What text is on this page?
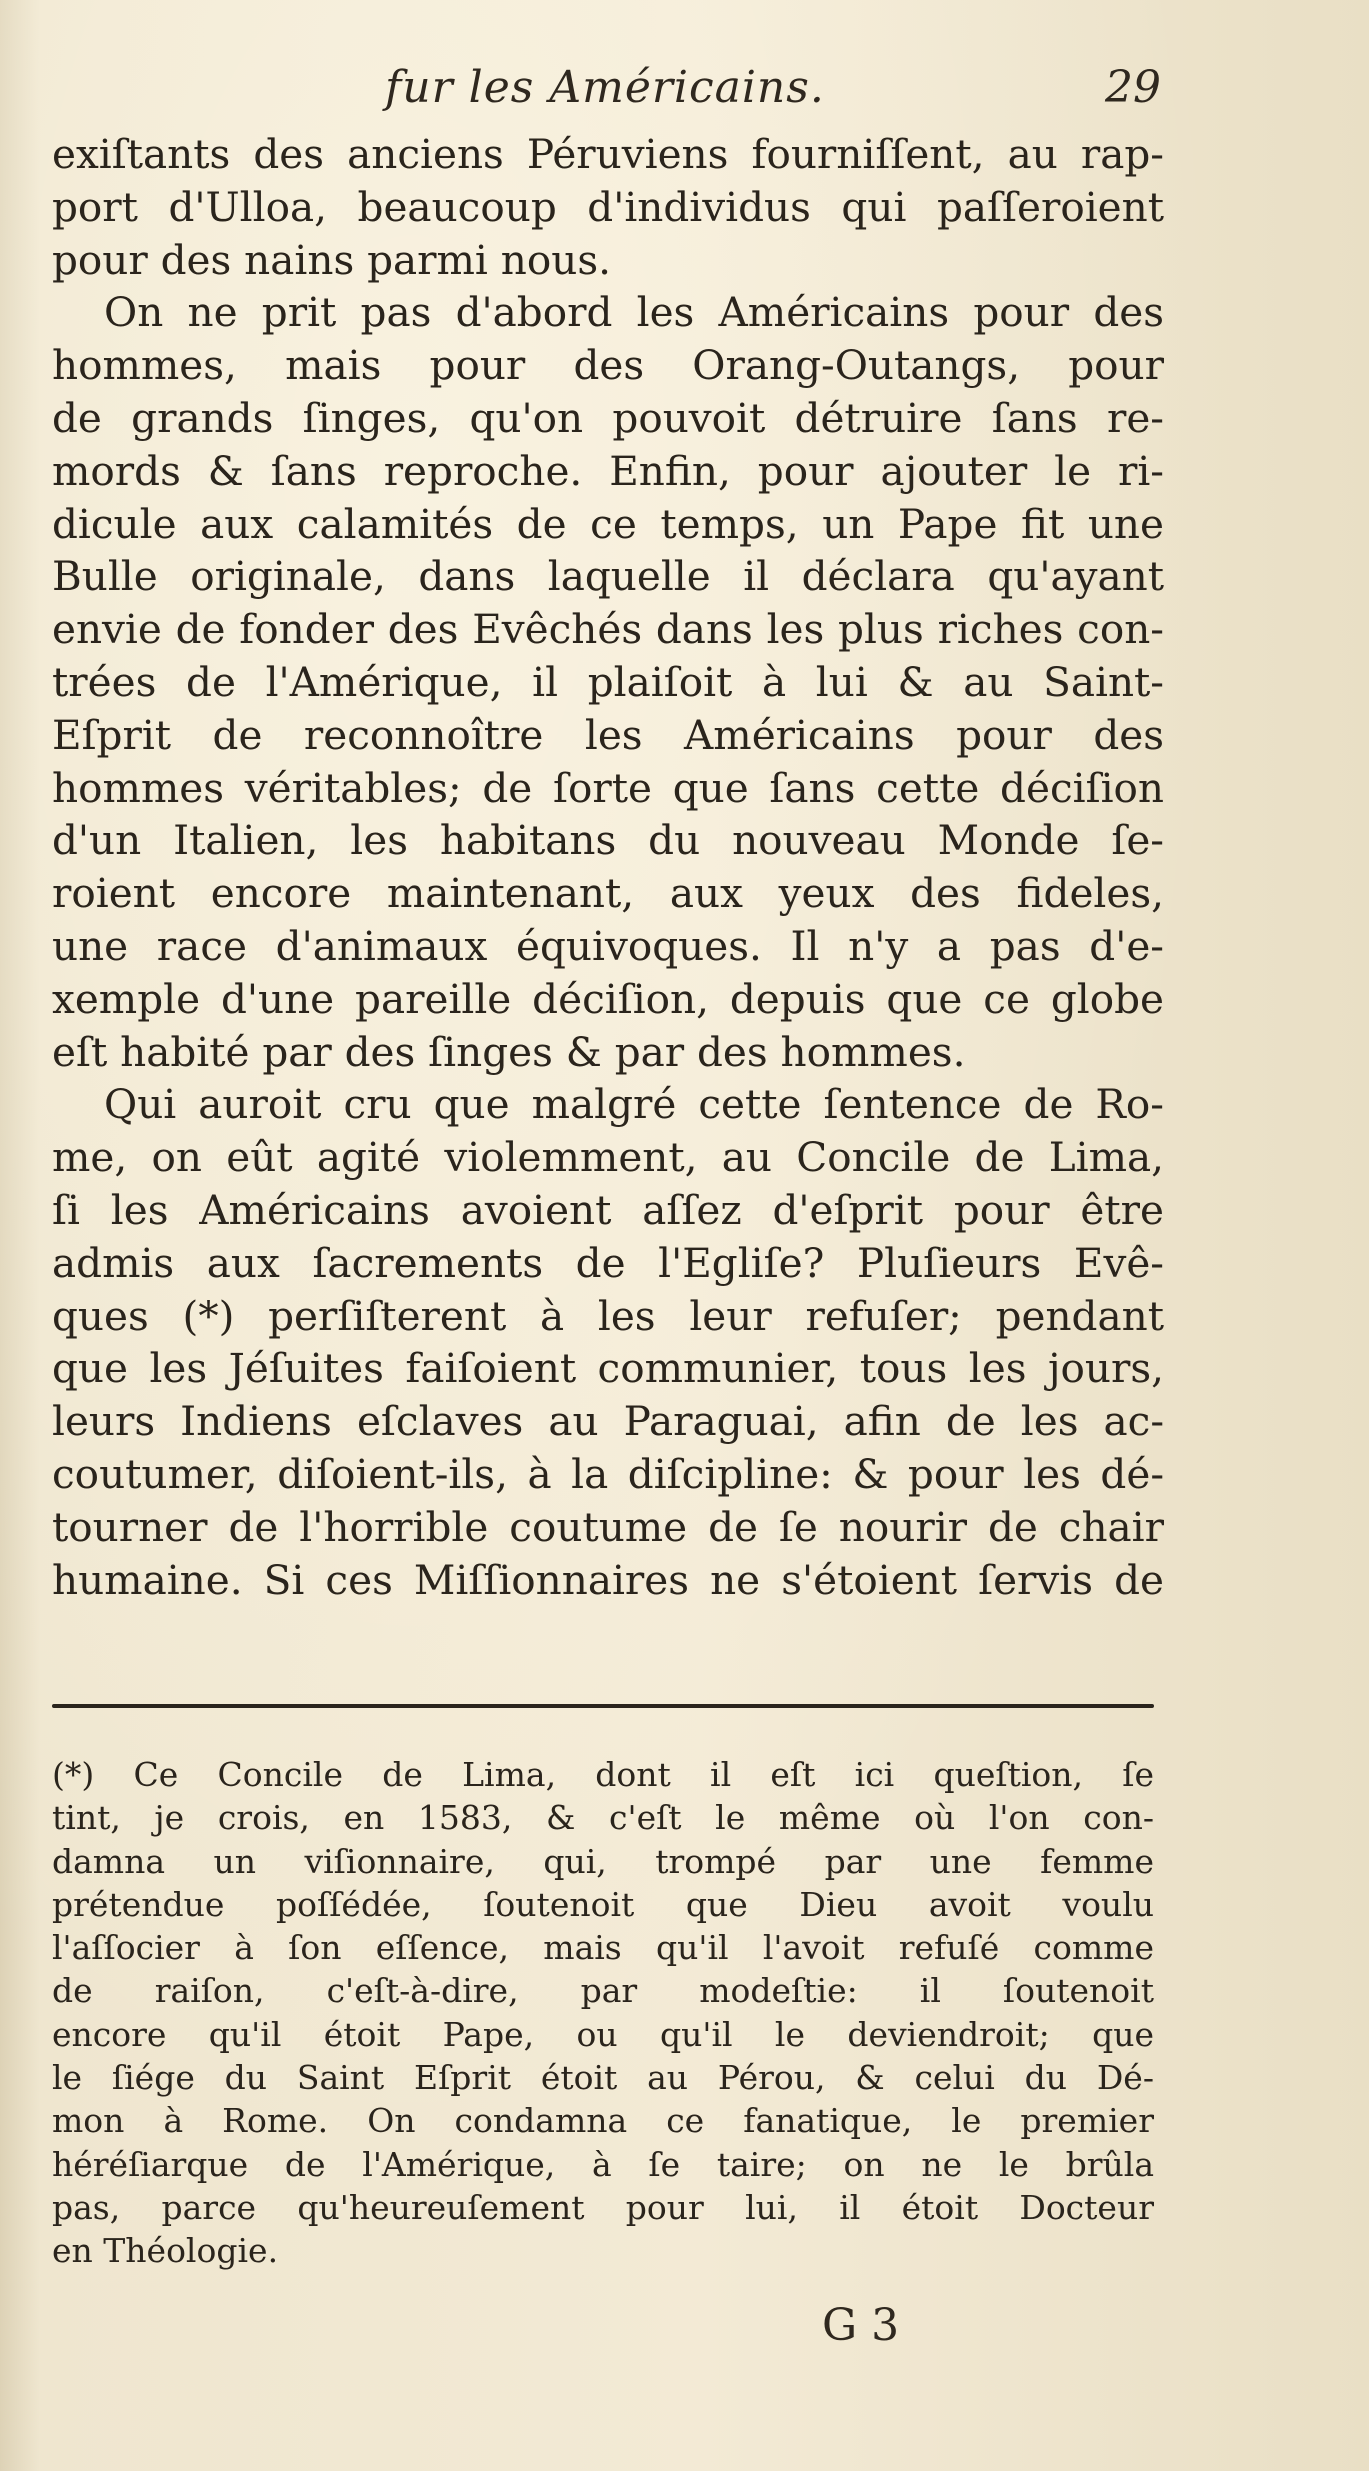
fur les Américains.	29
exiſtants des anciens Péruviens fourniſſent, au rap-
port d'Ulloa, beaucoup d'individus qui paſſeroient
pour des nains parmi nous.
On ne prit pas d'abord les Américains pour des
hommes, mais pour des Orang-Outangs, pour
de grands ſinges, qu'on pouvoit détruire ſans re-
mords & ſans reproche. Enfin, pour ajouter le ri-
dicule aux calamités de ce temps, un Pape fit une
Bulle originale, dans laquelle il déclara qu'ayant
envie de fonder des Evêchés dans les plus riches con-
trées de l'Amérique, il plaiſoit à lui & au Saint-
Eſprit de reconnoître les Américains pour des
hommes véritables; de ſorte que ſans cette déciſion
d'un Italien, les habitans du nouveau Monde ſe-
roient encore maintenant, aux yeux des fideles,
une race d'animaux équivoques. Il n'y a pas d'e-
xemple d'une pareille déciſion, depuis que ce globe
eſt habité par des ſinges & par des hommes.
Qui auroit cru que malgré cette ſentence de Ro-
me, on eût agité violemment, au Concile de Lima,
ſi les Américains avoient aſſez d'eſprit pour être
admis aux ſacrements de l'Egliſe? Pluſieurs Evê-
ques (*) perſiſterent à les leur refuſer; pendant
que les Jéſuites faiſoient communier, tous les jours,
leurs Indiens eſclaves au Paraguai, afin de les ac-
coutumer, diſoient-ils, à la diſcipline: & pour les dé-
tourner de l'horrible coutume de ſe nourir de chair
humaine. Si ces Miſſionnaires ne s'étoient ſervis de
(*) Ce Concile de Lima, dont il eſt ici queſtion, ſe
tint, je crois, en 1583, & c'eſt le même où l'on con-
damna un viſionnaire, qui, trompé par une femme
prétendue poſſédée, ſoutenoit que Dieu avoit voulu
l'aſſocier à ſon eſſence, mais qu'il l'avoit refuſé comme
de raiſon, c'eſt-à-dire, par modeſtie: il ſoutenoit
encore qu'il étoit Pape, ou qu'il le deviendroit; que
le ſiége du Saint Eſprit étoit au Pérou, & celui du Dé-
mon à Rome. On condamna ce fanatique, le premier
héréſiarque de l'Amérique, à ſe taire; on ne le brûla
pas, parce qu'heureuſement pour lui, il étoit Docteur
en Théologie.
G 3
